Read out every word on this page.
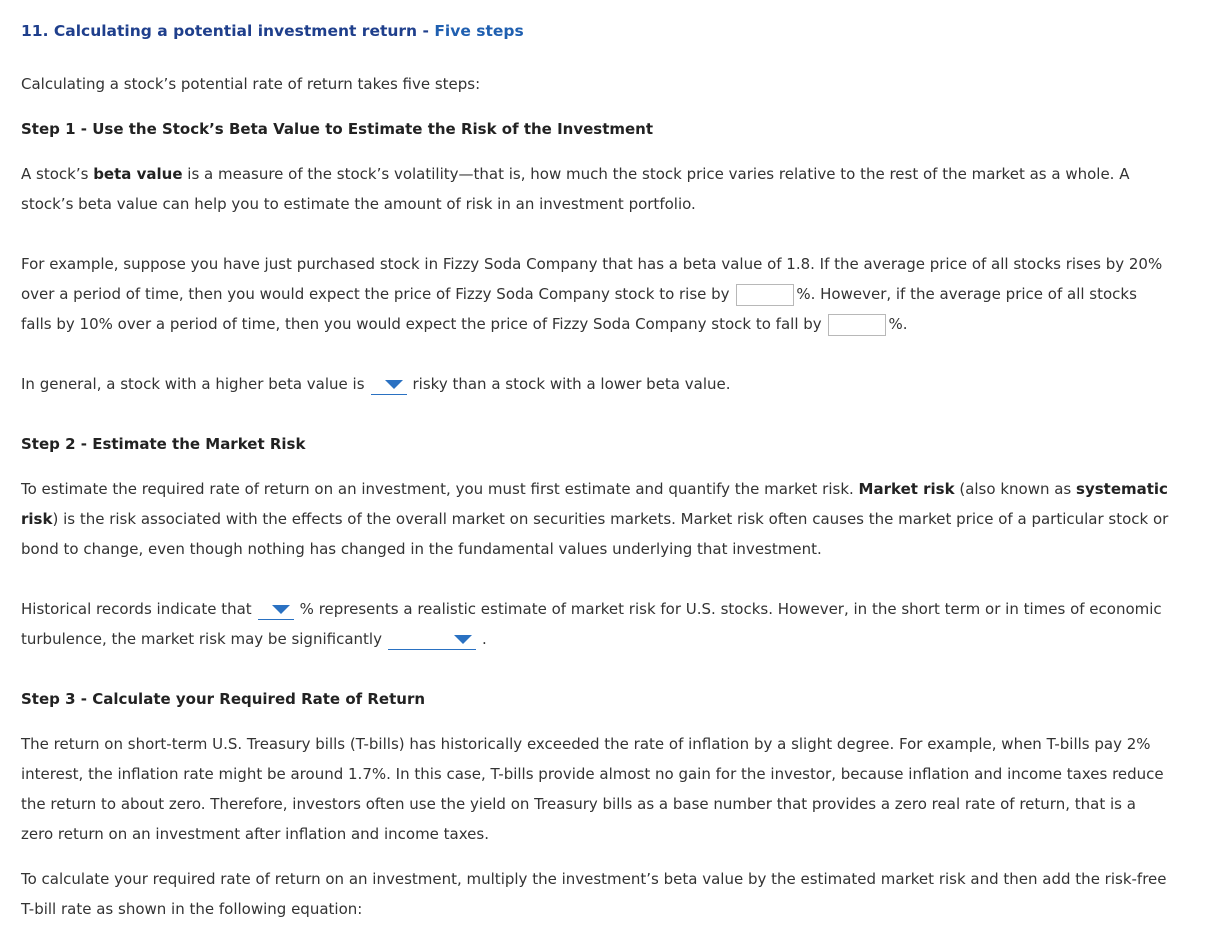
11. Calculating a potential investment return - Five steps

Calculating a stock’s potential rate of return takes five steps:

Step 1 - Use the Stock’s Beta Value to Estimate the Risk of the Investment

A stock’s beta value is a measure of the stock’s volatility—that is, how much the stock price varies relative to the rest of the market as a whole. A stock’s beta value can help you to estimate the amount of risk in an investment portfolio.

For example, suppose you have just purchased stock in Fizzy Soda Company that has a beta value of 1.8. If the average price of all stocks rises by 20% over a period of time, then you would expect the price of Fizzy Soda Company stock to rise by	%. However, if the average price of all stocks falls by 10% over a period of time, then you would expect the price of Fizzy Soda Company stock to fall by	%.

In general, a stock with a higher beta value is	risky than a stock with a lower beta value.

Step 2 - Estimate the Market Risk

To estimate the required rate of return on an investment, you must first estimate and quantify the market risk. Market risk (also known as systematic risk) is the risk associated with the effects of the overall market on securities markets. Market risk often causes the market price of a particular stock or bond to change, even though nothing has changed in the fundamental values underlying that investment.

Historical records indicate that	% represents a realistic estimate of market risk for U.S. stocks. However, in the short term or in times of economic turbulence, the market risk may be significantly	.

Step 3 - Calculate your Required Rate of Return

The return on short-term U.S. Treasury bills (T-bills) has historically exceeded the rate of inflation by a slight degree. For example, when T-bills pay 2% interest, the inflation rate might be around 1.7%. In this case, T-bills provide almost no gain for the investor, because inflation and income taxes reduce the return to about zero. Therefore, investors often use the yield on Treasury bills as a base number that provides a zero real rate of return, that is a zero return on an investment after inflation and income taxes.

To calculate your required rate of return on an investment, multiply the investment’s beta value by the estimated market risk and then add the risk-free T-bill rate as shown in the following equation:
